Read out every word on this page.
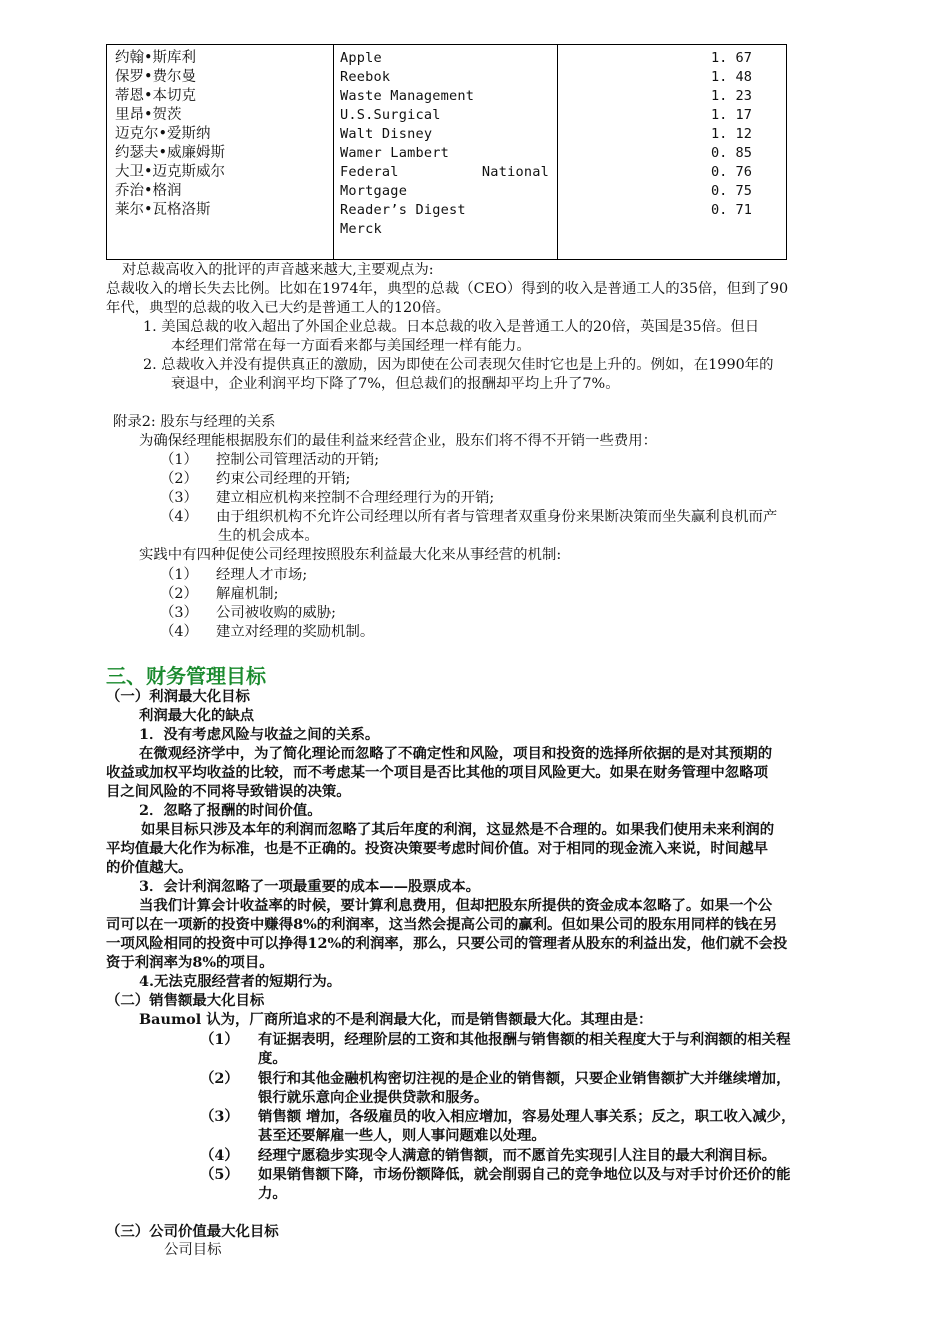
约翰•斯库利
保罗•费尔曼
蒂恩•本切克
里昂•贺茨
迈克尔•爱斯纳
约瑟夫•威廉姆斯
大卫•迈克斯威尔
乔治•格润
莱尔•瓦格洛斯
Apple
Reebok
Waste Management
U.S.Surgical
Walt Disney
Wamer Lambert
Federal	National
Mortgage
Reader’s Digest
Merck
1. 67
1. 48
1. 23
1. 17
1. 12
0. 85
0. 76
0. 75
0. 71
对总裁高收入的批评的声音越来越大,主要观点为:
总裁收入的增长失去比例。比如在1974年，典型的总裁（CEO）得到的收入是普通工人的35倍，但到了90
年代，典型的总裁的收入已大约是普通工人的120倍。
1. 美国总裁的收入超出了外国企业总裁。日本总裁的收入是普通工人的20倍，英国是35倍。但日
本经理们常常在每一方面看来都与美国经理一样有能力。
2. 总裁收入并没有提供真正的激励，因为即使在公司表现欠佳时它也是上升的。例如，在1990年的
衰退中，企业利润平均下降了7%，但总裁们的报酬却平均上升了7%。
附录2: 股东与经理的关系
为确保经理能根据股东们的最佳利益来经营企业，股东们将不得不开销一些费用：
（1） 控制公司管理活动的开销;
（2） 约束公司经理的开销;
（3） 建立相应机构来控制不合理经理行为的开销;
（4） 由于组织机构不允许公司经理以所有者与管理者双重身份来果断决策而坐失赢利良机而产
生的机会成本。
实践中有四种促使公司经理按照股东利益最大化来从事经营的机制:
（1） 经理人才市场;
（2） 解雇机制;
（3） 公司被收购的威胁;
（4） 建立对经理的奖励机制。
三、财务管理目标
（一）利润最大化目标
利润最大化的缺点
1．没有考虑风险与收益之间的关系。
在微观经济学中，为了简化理论而忽略了不确定性和风险，项目和投资的选择所依据的是对其预期的
收益或加权平均收益的比较，而不考虑某一个项目是否比其他的项目风险更大。如果在财务管理中忽略项
目之间风险的不同将导致错误的决策。
2．忽略了报酬的时间价值。
如果目标只涉及本年的利润而忽略了其后年度的利润，这显然是不合理的。如果我们使用未来利润的
平均值最大化作为标准，也是不正确的。投资决策要考虑时间价值。对于相同的现金流入来说，时间越早
的价值越大。
3．会计利润忽略了一项最重要的成本——股票成本。
当我们计算会计收益率的时候，要计算利息费用，但却把股东所提供的资金成本忽略了。如果一个公
司可以在一项新的投资中赚得8%的利润率，这当然会提高公司的赢利。但如果公司的股东用同样的钱在另
一项风险相同的投资中可以挣得12%的利润率，那么，只要公司的管理者从股东的利益出发，他们就不会投
资于利润率为8%的项目。
4.无法克服经营者的短期行为。
（二）销售额最大化目标
Baumol 认为，厂商所追求的不是利润最大化，而是销售额最大化。其理由是：
（1） 有证据表明，经理阶层的工资和其他报酬与销售额的相关程度大于与利润额的相关程
度。
（2） 银行和其他金融机构密切注视的是企业的销售额，只要企业销售额扩大并继续增加，
银行就乐意向企业提供贷款和服务。
（3） 销售额 增加，各级雇员的收入相应增加，容易处理人事关系；反之，职工收入减少，
甚至还要解雇一些人，则人事问题难以处理。
（4） 经理宁愿稳步实现令人满意的销售额，而不愿首先实现引人注目的最大利润目标。
（5） 如果销售额下降，市场份额降低，就会削弱自己的竞争地位以及与对手讨价还价的能
力。
（三）公司价值最大化目标
公司目标
